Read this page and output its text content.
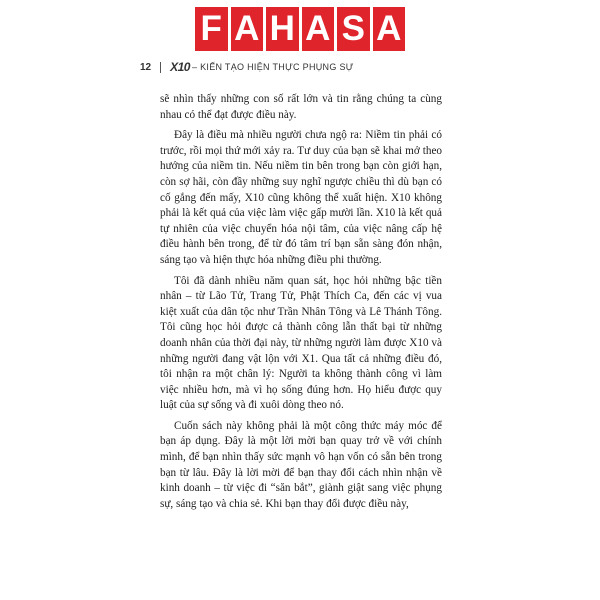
F A H A S A
12 X10 – KIẾN TẠO HIỆN THỰC PHỤNG SỰ

sẽ nhìn thấy những con số rất lớn và tin rằng chúng ta cùng nhau có thể đạt được điều này.

Đây là điều mà nhiều người chưa ngộ ra: Niềm tin phải có trước, rồi mọi thứ mới xảy ra. Tư duy của bạn sẽ khai mở theo hướng của niềm tin. Nếu niềm tin bên trong bạn còn giới hạn, còn sợ hãi, còn đầy những suy nghĩ ngược chiều thì dù bạn có cố gắng đến mấy, X10 cũng không thể xuất hiện. X10 không phải là kết quả của việc làm việc gấp mười lần. X10 là kết quả tự nhiên của việc chuyển hóa nội tâm, của việc nâng cấp hệ điều hành bên trong, để từ đó tâm trí bạn sẵn sàng đón nhận, sáng tạo và hiện thực hóa những điều phi thường.

Tôi đã dành nhiều năm quan sát, học hỏi những bậc tiền nhân – từ Lão Tử, Trang Tử, Phật Thích Ca, đến các vị vua kiệt xuất của dân tộc như Trần Nhân Tông và Lê Thánh Tông. Tôi cũng học hỏi được cả thành công lẫn thất bại từ những doanh nhân của thời đại này, từ những người làm được X10 và những người đang vật lộn với X1. Qua tất cả những điều đó, tôi nhận ra một chân lý: Người ta không thành công vì làm việc nhiều hơn, mà vì họ sống đúng hơn. Họ hiểu được quy luật của sự sống và đi xuôi dòng theo nó.

Cuốn sách này không phải là một công thức máy móc để bạn áp dụng. Đây là một lời mời bạn quay trở về với chính mình, để bạn nhìn thấy sức mạnh vô hạn vốn có sẵn bên trong bạn từ lâu. Đây là lời mời để bạn thay đổi cách nhìn nhận về kinh doanh – từ việc đi “săn bắt”, giành giật sang việc phụng sự, sáng tạo và chia sẻ. Khi bạn thay đổi được điều này,
